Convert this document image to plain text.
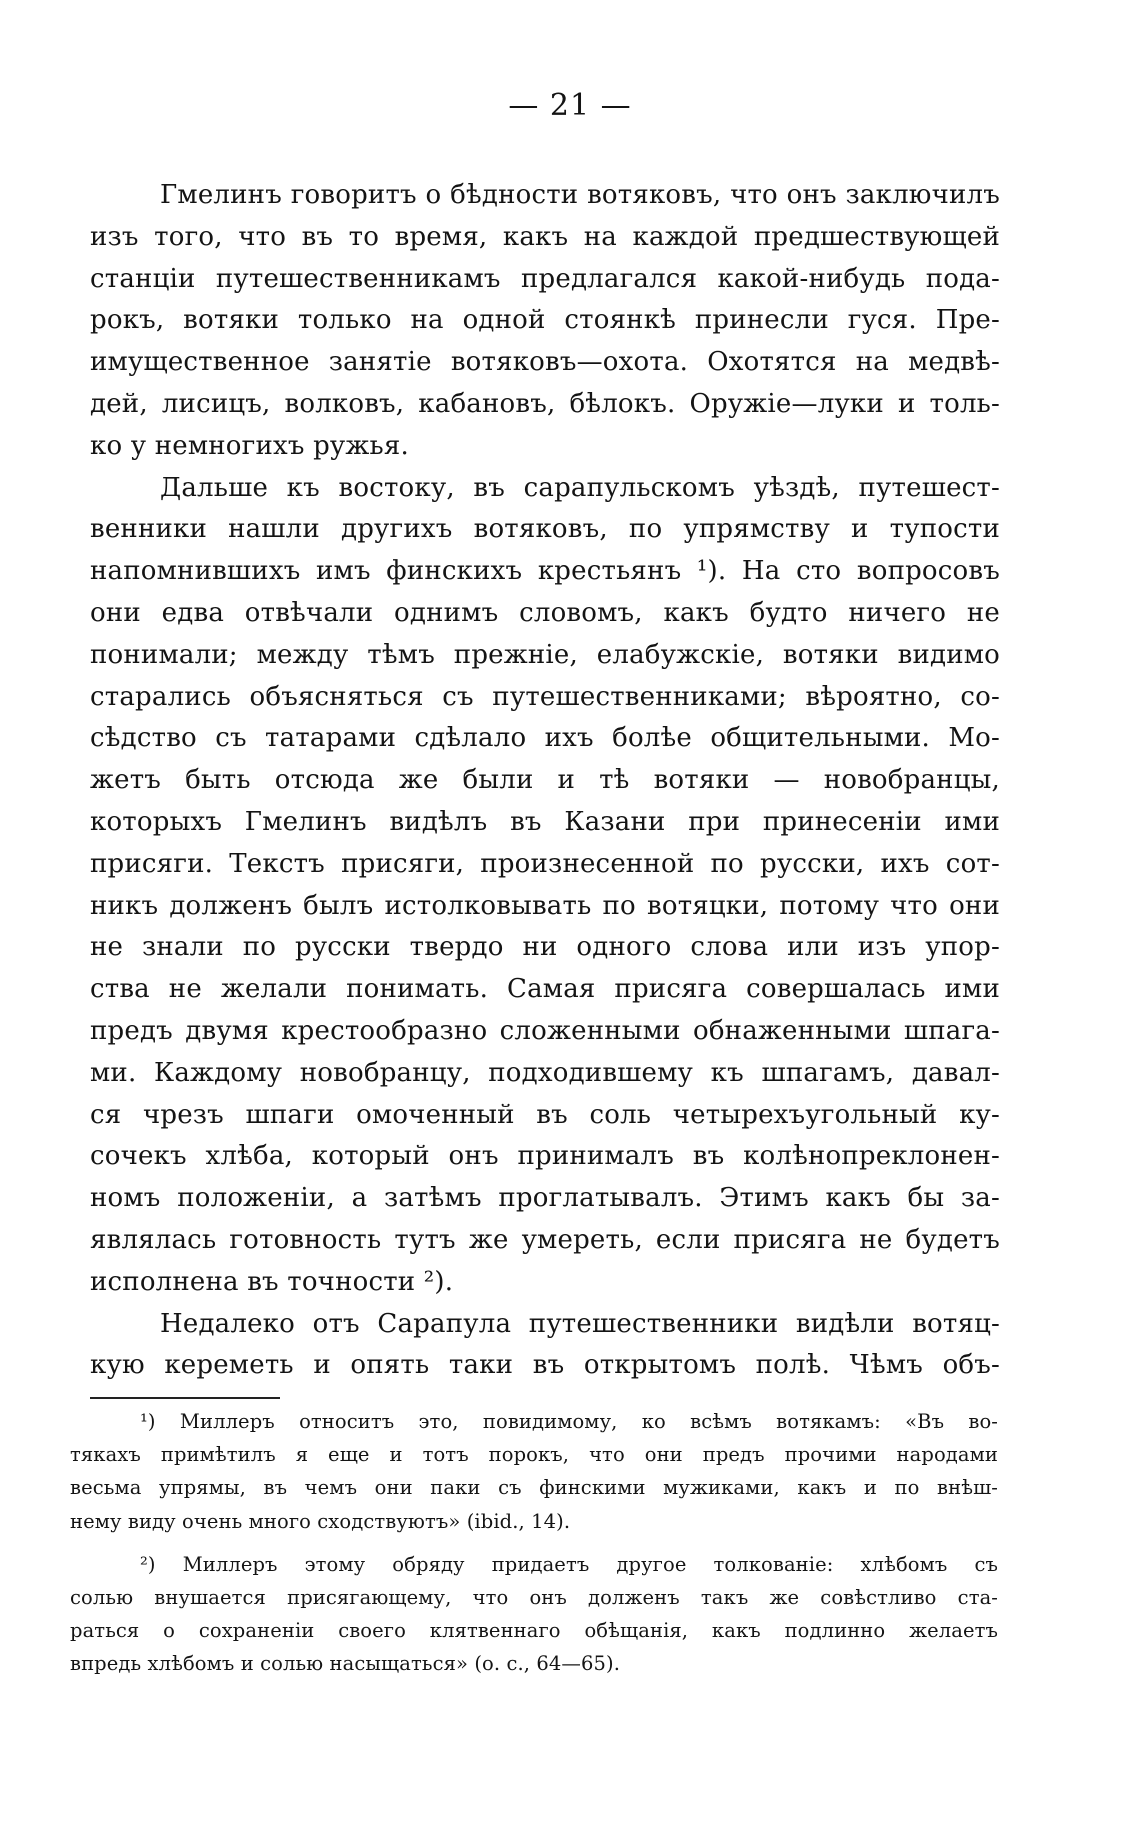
— 21 —
Гмелинъ говоритъ о бѣдности вотяковъ, что онъ заключилъ
изъ того, что въ то время, какъ на каждой предшествующей
станціи путешественникамъ предлагался какой-нибудь пода-
рокъ, вотяки только на одной стоянкѣ принесли гуся. Пре-
имущественное занятіе вотяковъ—охота. Охотятся на медвѣ-
дей, лисицъ, волковъ, кабановъ, бѣлокъ. Оружіе—луки и толь-
ко у немногихъ ружья.
Дальше къ востоку, въ сарапульскомъ уѣздѣ, путешест-
венники нашли другихъ вотяковъ, по упрямству и тупости
напомнившихъ имъ финскихъ крестьянъ ¹). На сто вопросовъ
они едва отвѣчали однимъ словомъ, какъ будто ничего не
понимали; между тѣмъ прежніе, елабужскіе, вотяки видимо
старались объясняться съ путешественниками; вѣроятно, со-
сѣдство съ татарами сдѣлало ихъ болѣе общительными. Мо-
жетъ быть отсюда же были и тѣ вотяки — новобранцы,
которыхъ Гмелинъ видѣлъ въ Казани при принесеніи ими
присяги. Текстъ присяги, произнесенной по русски, ихъ сот-
никъ долженъ былъ истолковывать по вотяцки, потому что они
не знали по русски твердо ни одного слова или изъ упор-
ства не желали понимать. Самая присяга совершалась ими
предъ двумя крестообразно сложенными обнаженными шпага-
ми. Каждому новобранцу, подходившему къ шпагамъ, давал-
ся чрезъ шпаги омоченный въ соль четырехъугольный ку-
сочекъ хлѣба, который онъ принималъ въ колѣнопреклонен-
номъ положеніи, а затѣмъ проглатывалъ. Этимъ какъ бы за-
являлась готовность тутъ же умереть, если присяга не будетъ
исполнена въ точности ²).
Недалеко отъ Сарапула путешественники видѣли вотяц-
кую кереметь и опять таки въ открытомъ полѣ. Чѣмъ объ-
¹) Миллеръ относитъ это, повидимому, ко всѣмъ вотякамъ: «Въ во-
тякахъ примѣтилъ я еще и тотъ порокъ, что они предъ прочими народами
весьма упрямы, въ чемъ они паки съ финскими мужиками, какъ и по внѣш-
нему виду очень много сходствуютъ» (ibid., 14).
²) Миллеръ этому обряду придаетъ другое толкованіе: хлѣбомъ съ
солью внушается присягающему, что онъ долженъ такъ же совѣстливо ста-
раться о сохраненіи своего клятвеннаго обѣщанія, какъ подлинно желаетъ
впредь хлѣбомъ и солью насыщаться» (о. с., 64—65).
